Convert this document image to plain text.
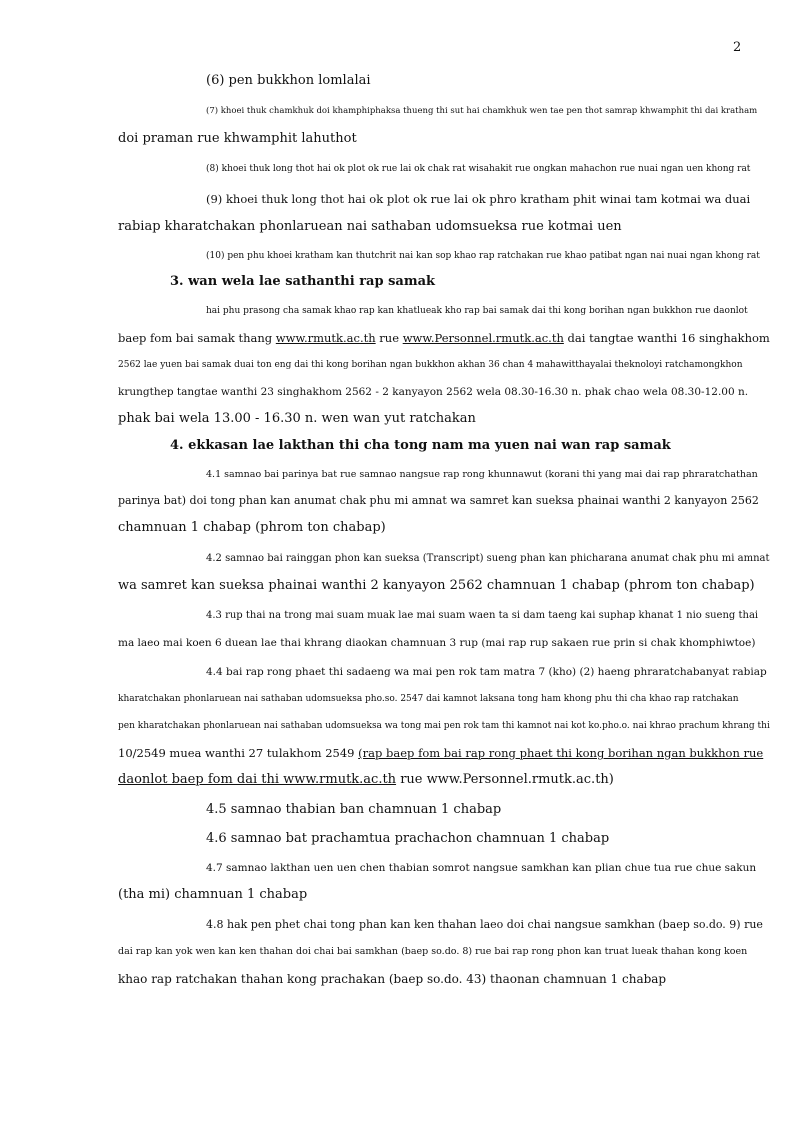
2
(6) pen bukkhon lomlalai
(7) khoei thuk chamkhuk doi khamphiphaksa thueng thi sut hai chamkhuk wen tae pen thot samrap khwamphit thi dai kratham
doi praman rue khwamphit lahuthot
(8) khoei thuk long thot hai ok plot ok rue lai ok chak rat wisahakit rue ongkan mahachon rue nuai ngan uen khong rat
(9) khoei thuk long thot hai ok plot ok rue lai ok phro kratham phit winai tam kotmai wa duai
rabiap kharatchakan phonlaruean nai sathaban udomsueksa rue kotmai uen
(10) pen phu khoei kratham kan thutchrit nai kan sop khao rap ratchakan rue khao patibat ngan nai nuai ngan khong rat
3. wan wela lae sathanthi rap samak
hai phu prasong cha samak khao rap kan khatlueak kho rap bai samak dai thi kong borihan ngan bukkhon rue daonlot
baep fom bai samak thang www.rmutk.ac.th rue www.Personnel.rmutk.ac.th dai tangtae wanthi 16 singhakhom
2562 lae yuen bai samak duai ton eng dai thi kong borihan ngan bukkhon akhan 36 chan 4 mahawitthayalai theknoloyi ratchamongkhon
krungthep tangtae wanthi 23 singhakhom 2562 - 2 kanyayon 2562 wela 08.30-16.30 n. phak chao wela 08.30-12.00 n.
phak bai wela 13.00 - 16.30 n. wen wan yut ratchakan
4. ekkasan lae lakthan thi cha tong nam ma yuen nai wan rap samak
4.1 samnao bai parinya bat rue samnao nangsue rap rong khunnawut (korani thi yang mai dai rap phraratchathan
parinya bat) doi tong phan kan anumat chak phu mi amnat wa samret kan sueksa phainai wanthi 2 kanyayon 2562
chamnuan 1 chabap (phrom ton chabap)
4.2 samnao bai rainggan phon kan sueksa (Transcript) sueng phan kan phicharana anumat chak phu mi amnat
wa samret kan sueksa phainai wanthi 2 kanyayon 2562 chamnuan 1 chabap (phrom ton chabap)
4.3 rup thai na trong mai suam muak lae mai suam waen ta si dam taeng kai suphap khanat 1 nio sueng thai
ma laeo mai koen 6 duean lae thai khrang diaokan chamnuan 3 rup (mai rap rup sakaen rue prin si chak khomphiwtoe)
4.4 bai rap rong phaet thi sadaeng wa mai pen rok tam matra 7 (kho) (2) haeng phraratchabanyat rabiap
kharatchakan phonlaruean nai sathaban udomsueksa pho.so. 2547 dai kamnot laksana tong ham khong phu thi cha khao rap ratchakan
pen kharatchakan phonlaruean nai sathaban udomsueksa wa tong mai pen rok tam thi kamnot nai kot ko.pho.o. nai khrao prachum khrang thi
10/2549 muea wanthi 27 tulakhom 2549 (rap baep fom bai rap rong phaet thi kong borihan ngan bukkhon rue
daonlot baep fom dai thi www.rmutk.ac.th rue www.Personnel.rmutk.ac.th)
4.5 samnao thabian ban chamnuan 1 chabap
4.6 samnao bat prachamtua prachachon chamnuan 1 chabap
4.7 samnao lakthan uen uen chen thabian somrot nangsue samkhan kan plian chue tua rue chue sakun
(tha mi) chamnuan 1 chabap
4.8 hak pen phet chai tong phan kan ken thahan laeo doi chai nangsue samkhan (baep so.do. 9) rue
dai rap kan yok wen kan ken thahan doi chai bai samkhan (baep so.do. 8) rue bai rap rong phon kan truat lueak thahan kong koen
khao rap ratchakan thahan kong prachakan (baep so.do. 43) thaonan chamnuan 1 chabap
